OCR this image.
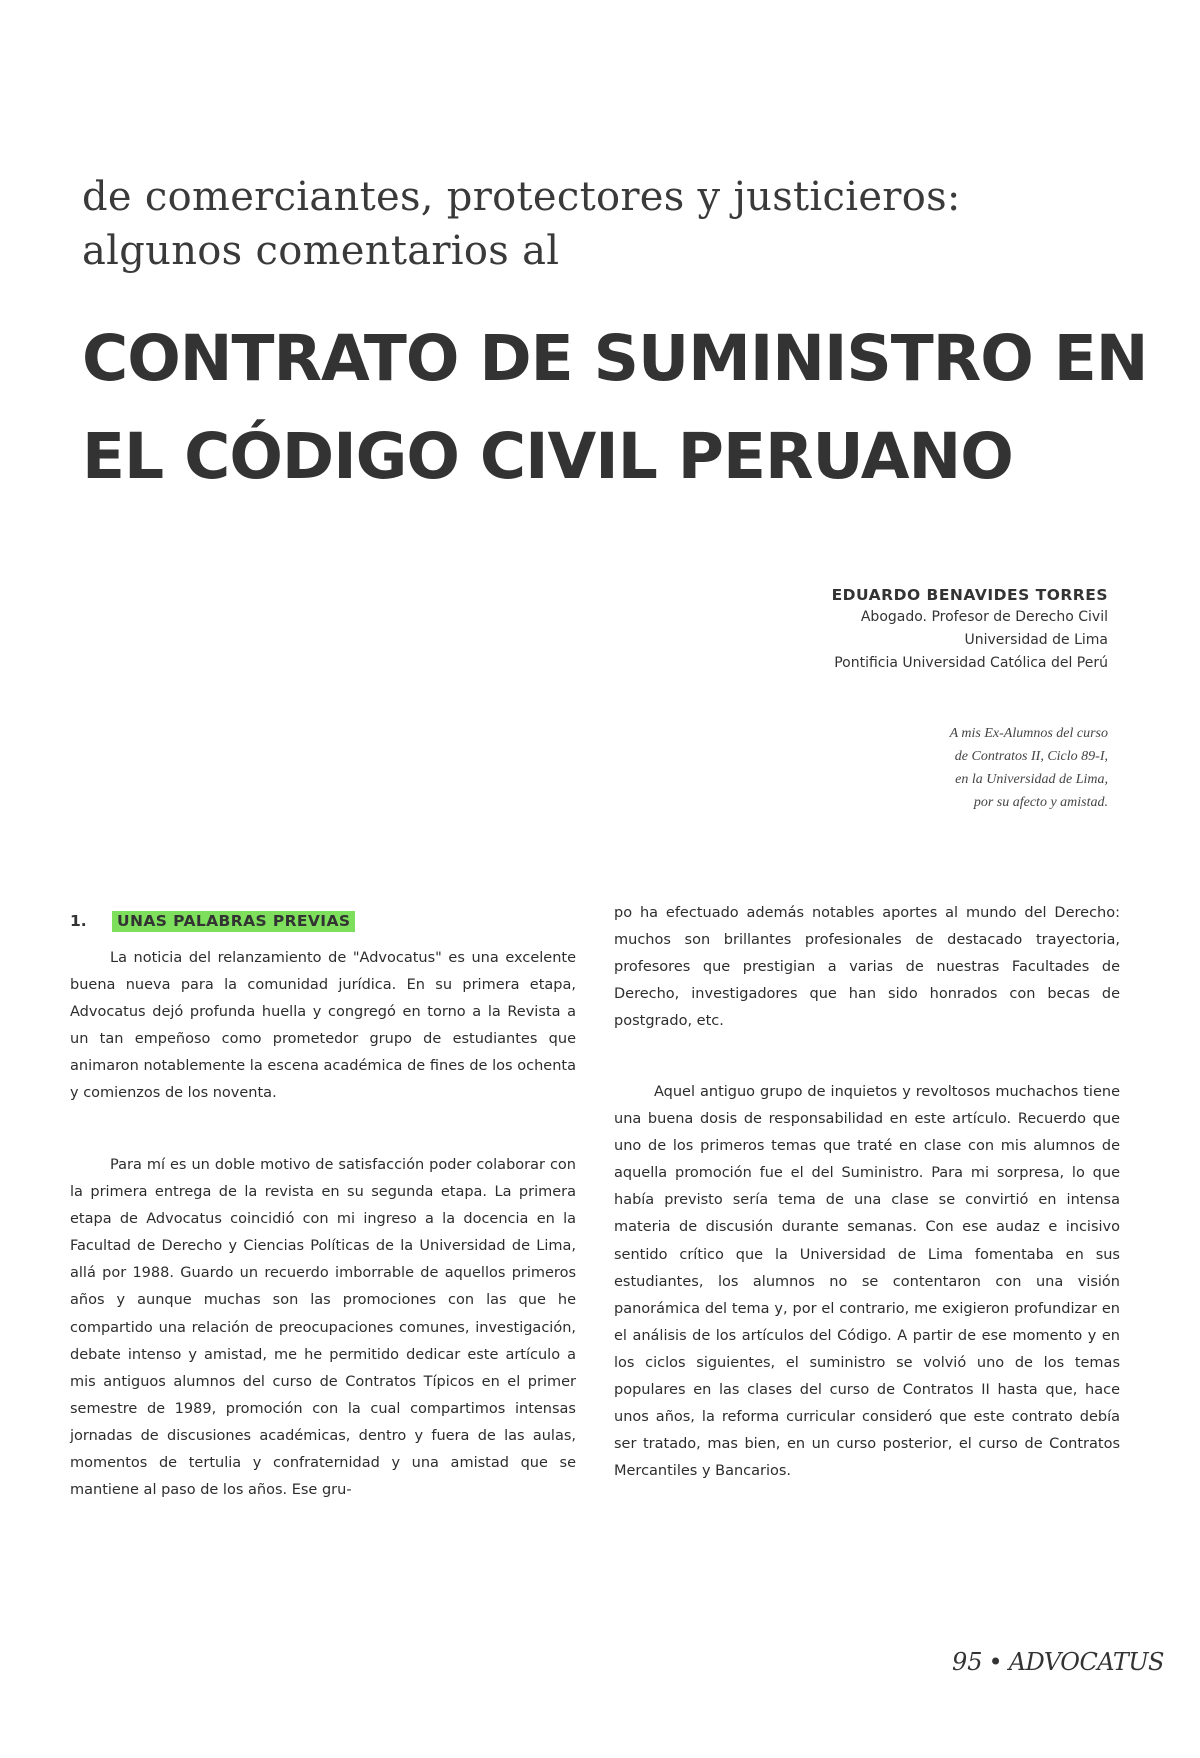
de comerciantes, protectores y justicieros:
algunos comentarios al
CONTRATO DE SUMINISTRO EN
EL CÓDIGO CIVIL PERUANO
EDUARDO BENAVIDES TORRES
Abogado. Profesor de Derecho Civil
Universidad de Lima
Pontificia Universidad Católica del Perú
A mis Ex-Alumnos del curso
de Contratos II, Ciclo 89-I,
en la Universidad de Lima,
por su afecto y amistad.
1. UNAS PALABRAS PREVIAS

La noticia del relanzamiento de "Advocatus" es una excelente buena nueva para la comunidad jurídica. En su primera etapa, Advocatus dejó profunda huella y congregó en torno a la Revista a un tan empeñoso como prometedor grupo de estudiantes que animaron notablemente la escena académica de fines de los ochenta y comienzos de los noventa.

Para mí es un doble motivo de satisfacción poder colaborar con la primera entrega de la revista en su segunda etapa. La primera etapa de Advocatus coincidió con mi ingreso a la docencia en la Facultad de Derecho y Ciencias Políticas de la Universidad de Lima, allá por 1988. Guardo un recuerdo imborrable de aquellos primeros años y aunque muchas son las promociones con las que he compartido una relación de preocupaciones comunes, investigación, debate intenso y amistad, me he permitido dedicar este artículo a mis antiguos alumnos del curso de Contratos Típicos en el primer semestre de 1989, promoción con la cual compartimos intensas jornadas de discusiones académicas, dentro y fuera de las aulas, momentos de tertulia y confraternidad y una amistad que se mantiene al paso de los años. Ese gru-

po ha efectuado además notables aportes al mundo del Derecho: muchos son brillantes profesionales de destacado trayectoria, profesores que prestigian a varias de nuestras Facultades de Derecho, investigadores que han sido honrados con becas de postgrado, etc.

Aquel antiguo grupo de inquietos y revoltosos muchachos tiene una buena dosis de responsabilidad en este artículo. Recuerdo que uno de los primeros temas que traté en clase con mis alumnos de aquella promoción fue el del Suministro. Para mi sorpresa, lo que había previsto sería tema de una clase se convirtió en intensa materia de discusión durante semanas. Con ese audaz e incisivo sentido crítico que la Universidad de Lima fomentaba en sus estudiantes, los alumnos no se contentaron con una visión panorámica del tema y, por el contrario, me exigieron profundizar en el análisis de los artículos del Código. A partir de ese momento y en los ciclos siguientes, el suministro se volvió uno de los temas populares en las clases del curso de Contratos II hasta que, hace unos años, la reforma curricular consideró que este contrato debía ser tratado, mas bien, en un curso posterior, el curso de Contratos Mercantiles y Bancarios.

95 • ADVOCATUS
